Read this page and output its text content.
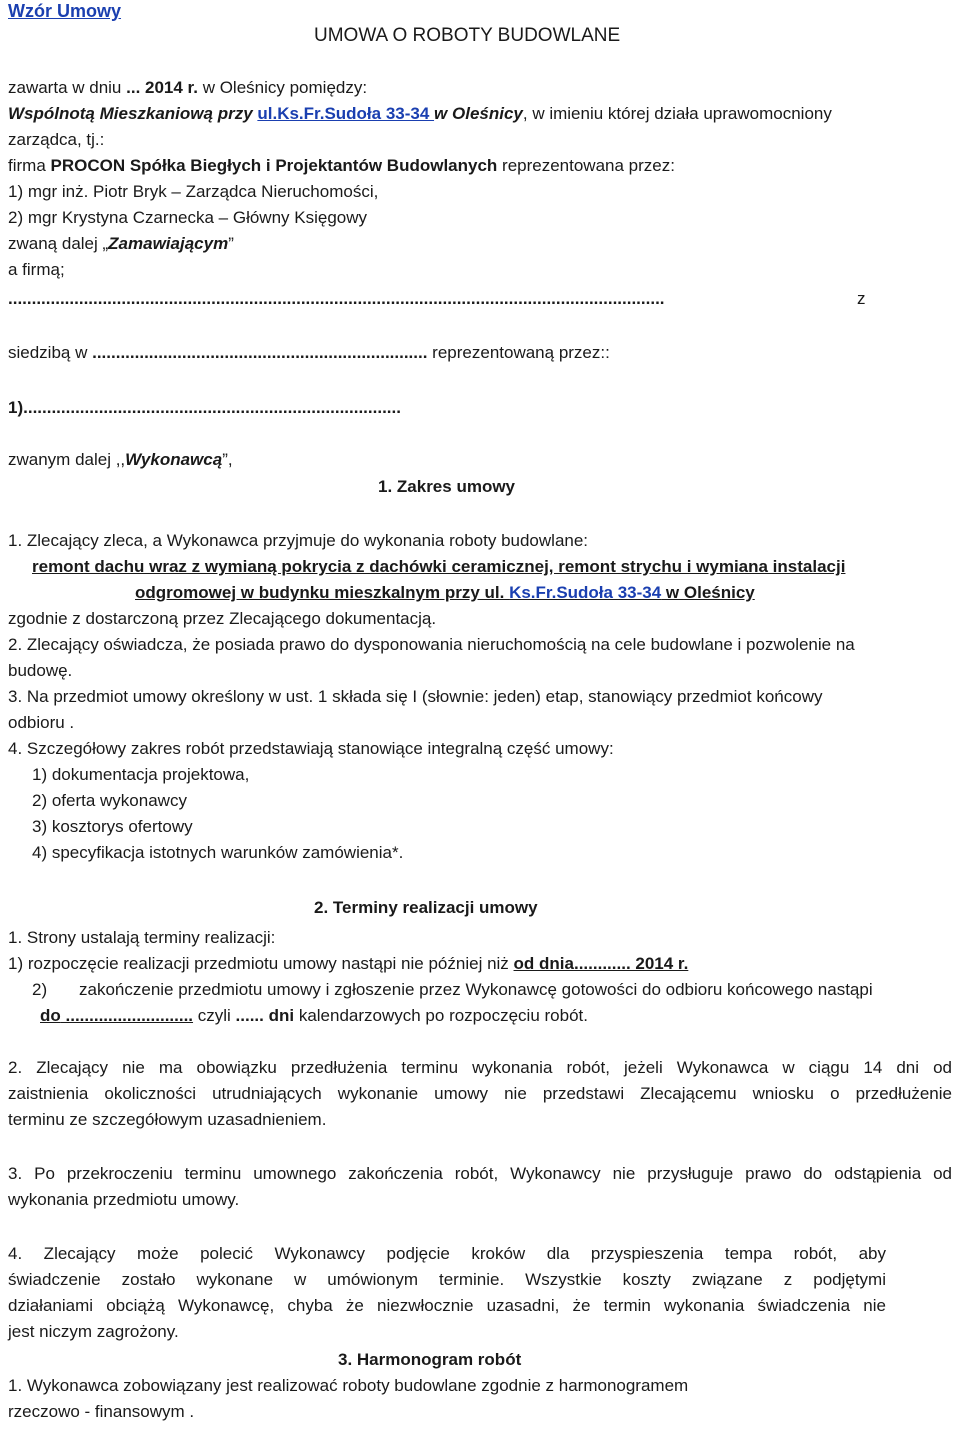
Wzór Umowy
UMOWA O ROBOTY BUDOWLANE
zawarta w dniu ... 2014 r. w Oleśnicy pomiędzy:
Wspólnotą Mieszkaniową przy ul.Ks.Fr.Sudoła 33-34 w Oleśnicy, w imieniu której działa uprawomocniony
zarządca, tj.:
firma PROCON Spółka Biegłych i Projektantów Budowlanych reprezentowana przez:
1) mgr inż. Piotr Bryk – Zarządca Nieruchomości,
2) mgr Krystyna Czarnecka – Główny Księgowy
zwaną dalej „Zamawiającym”
a firmą;
...........................................................................................................................................	z
siedzibą w ....................................................................... reprezentowaną przez::
1)................................................................................
zwanym dalej ,,Wykonawcą”,
1. Zakres umowy
1. Zlecający zleca, a Wykonawca przyjmuje do wykonania roboty budowlane:
remont dachu wraz z wymianą pokrycia z dachówki ceramicznej, remont strychu i wymiana instalacji
odgromowej w budynku mieszkalnym przy ul. Ks.Fr.Sudoła 33-34 w Oleśnicy
zgodnie z dostarczoną przez Zlecającego dokumentacją.
2. Zlecający oświadcza, że posiada prawo do dysponowania nieruchomością na cele budowlane i pozwolenie na
budowę.
3. Na przedmiot umowy określony w ust. 1 składa się I (słownie: jeden) etap, stanowiący przedmiot końcowy
odbioru .
4. Szczegółowy zakres robót przedstawiają stanowiące integralną część umowy:
1) dokumentacja projektowa,
2) oferta wykonawcy
3) kosztorys ofertowy
4) specyfikacja istotnych warunków zamówienia*.
2. Terminy realizacji umowy
1. Strony ustalają terminy realizacji:
1) rozpoczęcie realizacji przedmiotu umowy nastąpi nie później niż od dnia............ 2014 r.
2) zakończenie przedmiotu umowy i zgłoszenie przez Wykonawcę gotowości do odbioru końcowego nastąpi
do ........................... czyli ...... dni kalendarzowych po rozpoczęciu robót.
2. Zlecający nie ma obowiązku przedłużenia terminu wykonania robót, jeżeli Wykonawca w ciągu 14 dni od
zaistnienia okoliczności utrudniających wykonanie umowy nie przedstawi Zlecającemu wniosku o przedłużenie
terminu ze szczegółowym uzasadnieniem.
3. Po przekroczeniu terminu umownego zakończenia robót, Wykonawcy nie przysługuje prawo do odstąpienia od
wykonania przedmiotu umowy.
4. Zlecający może polecić Wykonawcy podjęcie kroków dla przyspieszenia tempa robót, aby
świadczenie zostało wykonane w umówionym terminie. Wszystkie koszty związane z podjętymi
działaniami obciążą Wykonawcę, chyba że niezwłocznie uzasadni, że termin wykonania świadczenia nie
jest niczym zagrożony.
3. Harmonogram robót
1. Wykonawca zobowiązany jest realizować roboty budowlane zgodnie z harmonogramem
rzeczowo - finansowym .
